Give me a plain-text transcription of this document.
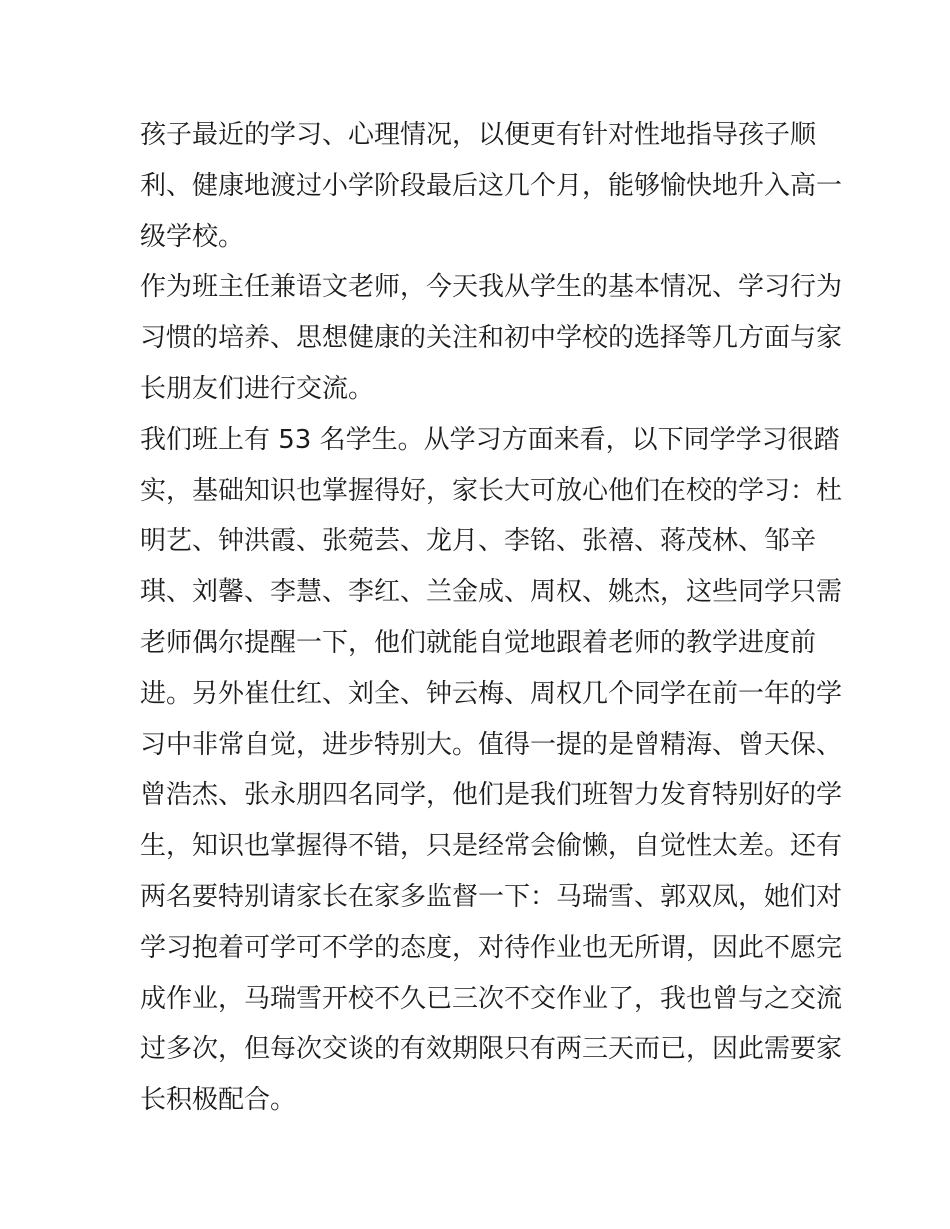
孩子最近的学习、心理情况，以便更有针对性地指导孩子顺
利、健康地渡过小学阶段最后这几个月，能够愉快地升入高一
级学校。
作为班主任兼语文老师，今天我从学生的基本情况、学习行为
习惯的培养、思想健康的关注和初中学校的选择等几方面与家
长朋友们进行交流。
我们班上有 53 名学生。从学习方面来看，以下同学学习很踏
实，基础知识也掌握得好，家长大可放心他们在校的学习：杜
明艺、钟洪霞、张菀芸、龙月、李铭、张禧、蒋茂林、邹辛
琪、刘馨、李慧、李红、兰金成、周权、姚杰，这些同学只需
老师偶尔提醒一下，他们就能自觉地跟着老师的教学进度前
进。另外崔仕红、刘全、钟云梅、周权几个同学在前一年的学
习中非常自觉，进步特别大。值得一提的是曾精海、曾天保、
曾浩杰、张永朋四名同学，他们是我们班智力发育特别好的学
生，知识也掌握得不错，只是经常会偷懒，自觉性太差。还有
两名要特别请家长在家多监督一下：马瑞雪、郭双凤，她们对
学习抱着可学可不学的态度，对待作业也无所谓，因此不愿完
成作业，马瑞雪开校不久已三次不交作业了，我也曾与之交流
过多次，但每次交谈的有效期限只有两三天而已，因此需要家
长积极配合。
